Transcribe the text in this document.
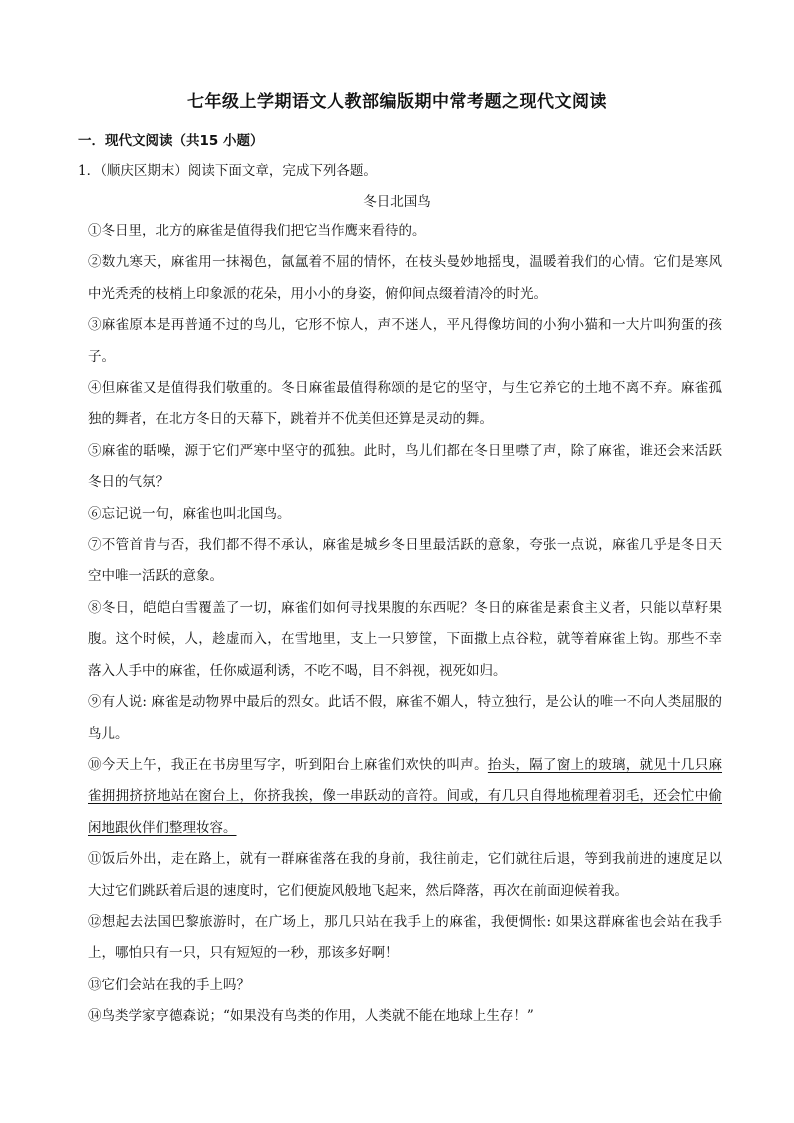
七年级上学期语文人教部编版期中常考题之现代文阅读
一．现代文阅读（共15 小题）
1．（顺庆区期末）阅读下面文章，完成下列各题。
冬日北国鸟

①冬日里，北方的麻雀是值得我们把它当作鹰来看待的。

②数九寒天，麻雀用一抹褐色，氤氲着不屈的情怀，在枝头曼妙地摇曳，温暖着我们的心情。它们是寒风中光秃秃的枝梢上印象派的花朵，用小小的身姿，俯仰间点缀着清冷的时光。

③麻雀原本是再普通不过的鸟儿，它形不惊人，声不迷人，平凡得像坊间的小狗小猫和一大片叫狗蛋的孩子。

④但麻雀又是值得我们敬重的。冬日麻雀最值得称颂的是它的坚守，与生它养它的土地不离不弃。麻雀孤独的舞者，在北方冬日的天幕下，跳着并不优美但还算是灵动的舞。

⑤麻雀的聒噪，源于它们严寒中坚守的孤独。此时，鸟儿们都在冬日里噤了声，除了麻雀，谁还会来活跃冬日的气氛？

⑥忘记说一句，麻雀也叫北国鸟。

⑦不管首肯与否，我们都不得不承认，麻雀是城乡冬日里最活跃的意象，夸张一点说，麻雀几乎是冬日天空中唯一活跃的意象。

⑧冬日，皑皑白雪覆盖了一切，麻雀们如何寻找果腹的东西呢？冬日的麻雀是素食主义者，只能以草籽果腹。这个时候，人，趁虚而入，在雪地里，支上一只箩筐，下面撒上点谷粒，就等着麻雀上钩。那些不幸落入人手中的麻雀，任你威逼利诱，不吃不喝，目不斜视，视死如归。

⑨有人说: 麻雀是动物界中最后的烈女。此话不假，麻雀不媚人，特立独行，是公认的唯一不向人类屈服的鸟儿。

⑩今天上午，我正在书房里写字，听到阳台上麻雀们欢快的叫声。抬头，隔了窗上的玻璃，就见十几只麻雀拥拥挤挤地站在窗台上，你挤我挨，像一串跃动的音符。间或，有几只自得地梳理着羽毛，还会忙中偷闲地跟伙伴们整理妆容。

⑪饭后外出，走在路上，就有一群麻雀落在我的身前，我往前走，它们就往后退，等到我前进的速度足以大过它们跳跃着后退的速度时，它们便旋风般地飞起来，然后降落，再次在前面迎候着我。

⑫想起去法国巴黎旅游时，在广场上，那几只站在我手上的麻雀，我便惆怅: 如果这群麻雀也会站在我手上，哪怕只有一只，只有短短的一秒，那该多好啊！

⑬它们会站在我的手上吗？

⑭鸟类学家亨德森说；“如果没有鸟类的作用，人类就不能在地球上生存！”
